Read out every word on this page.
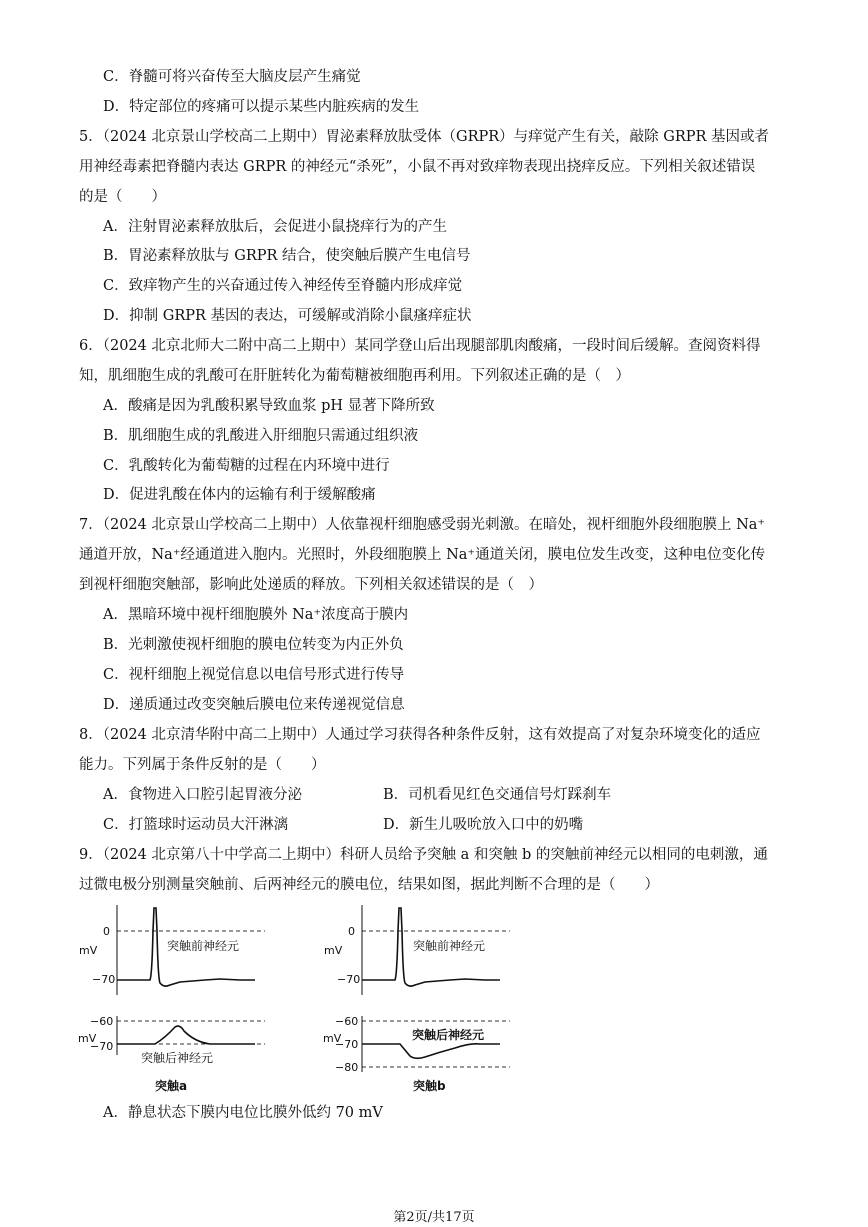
C．脊髓可将兴奋传至大脑皮层产生痛觉
D．特定部位的疼痛可以提示某些内脏疾病的发生
5．（2024 北京景山学校高二上期中）胃泌素释放肽受体（GRPR）与痒觉产生有关，敲除 GRPR 基因或者
用神经毒素把脊髓内表达 GRPR 的神经元“杀死”，小鼠不再对致痒物表现出挠痒反应。下列相关叙述错误
的是（　　）
A．注射胃泌素释放肽后，会促进小鼠挠痒行为的产生
B．胃泌素释放肽与 GRPR 结合，使突触后膜产生电信号
C．致痒物产生的兴奋通过传入神经传至脊髓内形成痒觉
D．抑制 GRPR 基因的表达，可缓解或消除小鼠瘙痒症状
6．（2024 北京北师大二附中高二上期中）某同学登山后出现腿部肌肉酸痛，一段时间后缓解。查阅资料得
知，肌细胞生成的乳酸可在肝脏转化为葡萄糖被细胞再利用。下列叙述正确的是（　）
A．酸痛是因为乳酸积累导致血浆 pH 显著下降所致
B．肌细胞生成的乳酸进入肝细胞只需通过组织液
C．乳酸转化为葡萄糖的过程在内环境中进行
D．促进乳酸在体内的运输有利于缓解酸痛
7．（2024 北京景山学校高二上期中）人依靠视杆细胞感受弱光刺激。在暗处，视杆细胞外段细胞膜上 Na⁺
通道开放，Na⁺经通道进入胞内。光照时，外段细胞膜上 Na⁺通道关闭，膜电位发生改变，这种电位变化传
到视杆细胞突触部，影响此处递质的释放。下列相关叙述错误的是（　）
A．黑暗环境中视杆细胞膜外 Na⁺浓度高于膜内
B．光刺激使视杆细胞的膜电位转变为内正外负
C．视杆细胞上视觉信息以电信号形式进行传导
D．递质通过改变突触后膜电位来传递视觉信息
8．（2024 北京清华附中高二上期中）人通过学习获得各种条件反射，这有效提高了对复杂环境变化的适应
能力。下列属于条件反射的是（　　）
A．食物进入口腔引起胃液分泌	B．司机看见红色交通信号灯踩刹车
C．打篮球时运动员大汗淋漓	D．新生儿吸吮放入口中的奶嘴
9．（2024 北京第八十中学高二上期中）科研人员给予突触 a 和突触 b 的突触前神经元以相同的电刺激，通
过微电极分别测量突触前、后两神经元的膜电位，结果如图，据此判断不合理的是（　　）
A．静息状态下膜内电位比膜外低约 70 mV
mV
0
−70
突触前神经元
−60
−70
mV
突触后神经元
突触a
mV
0
−70
突触前神经元
−60
−70
−80
mV	突触后神经元
突触b
第2页/共17页
